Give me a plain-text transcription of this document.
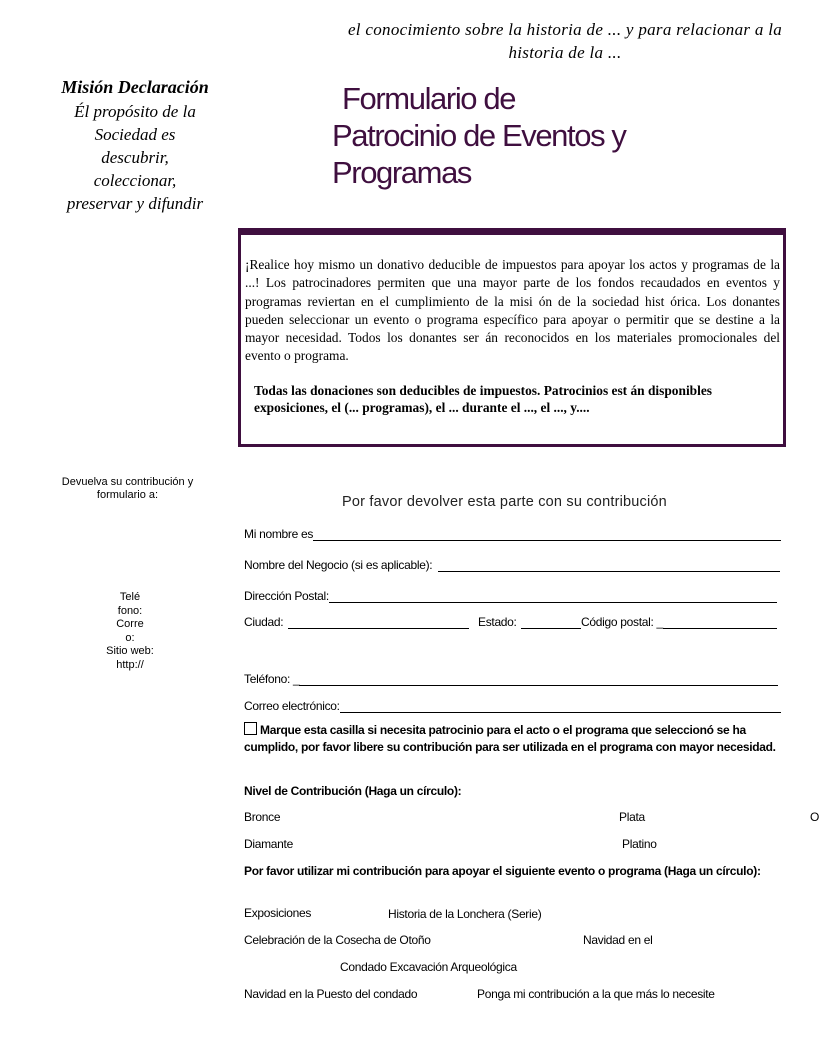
el conocimiento sobre la historia de ... y para relacionar a la historia de la ...
Misión Declaración
Él propósito de la
Sociedad es
descubrir,
coleccionar,
preservar y difundir
Formulario de
Patrocinio de Eventos y
Programas
¡Realice hoy mismo un donativo deducible de impuestos para apoyar los actos y programas de la ...! Los patrocinadores permiten que una mayor parte de los fondos recaudados en eventos y programas reviertan en el cumplimiento de la misi ón de la sociedad hist órica. Los donantes pueden seleccionar un evento o programa específico para apoyar o permitir que se destine a la mayor necesidad. Todos los donantes ser án reconocidos en los materiales promocionales del evento o programa.
Todas las donaciones son deducibles de impuestos. Patrocinios est án disponibles exposiciones, el (... programas), el ... durante el ..., el ..., y....
Devuelva su contribución y formulario a:
Telé
fono:
Corre
o:
Sitio web:
http://
Por favor devolver esta parte con su contribución
Mi nombre es
Nombre del Negocio (si es aplicable):
Dirección Postal:
Ciudad:	Estado:	Código postal: _
Teléfono: _
Correo electrónico:
Marque esta casilla si necesita patrocinio para el acto o el programa que seleccionó se ha cumplido, por favor libere su contribución para ser utilizada en el programa con mayor necesidad.
Nivel de Contribución (Haga un círculo):
Bronce	Plata	O
Diamante	Platino
Por favor utilizar mi contribución para apoyar el siguiente evento o programa (Haga un círculo):
Exposiciones	Historia de la Lonchera (Serie)
Celebración de la Cosecha de Otoño	Navidad en el
Condado Excavación Arqueológica
Navidad en la Puesto del condado	Ponga mi contribución a la que más lo necesite
